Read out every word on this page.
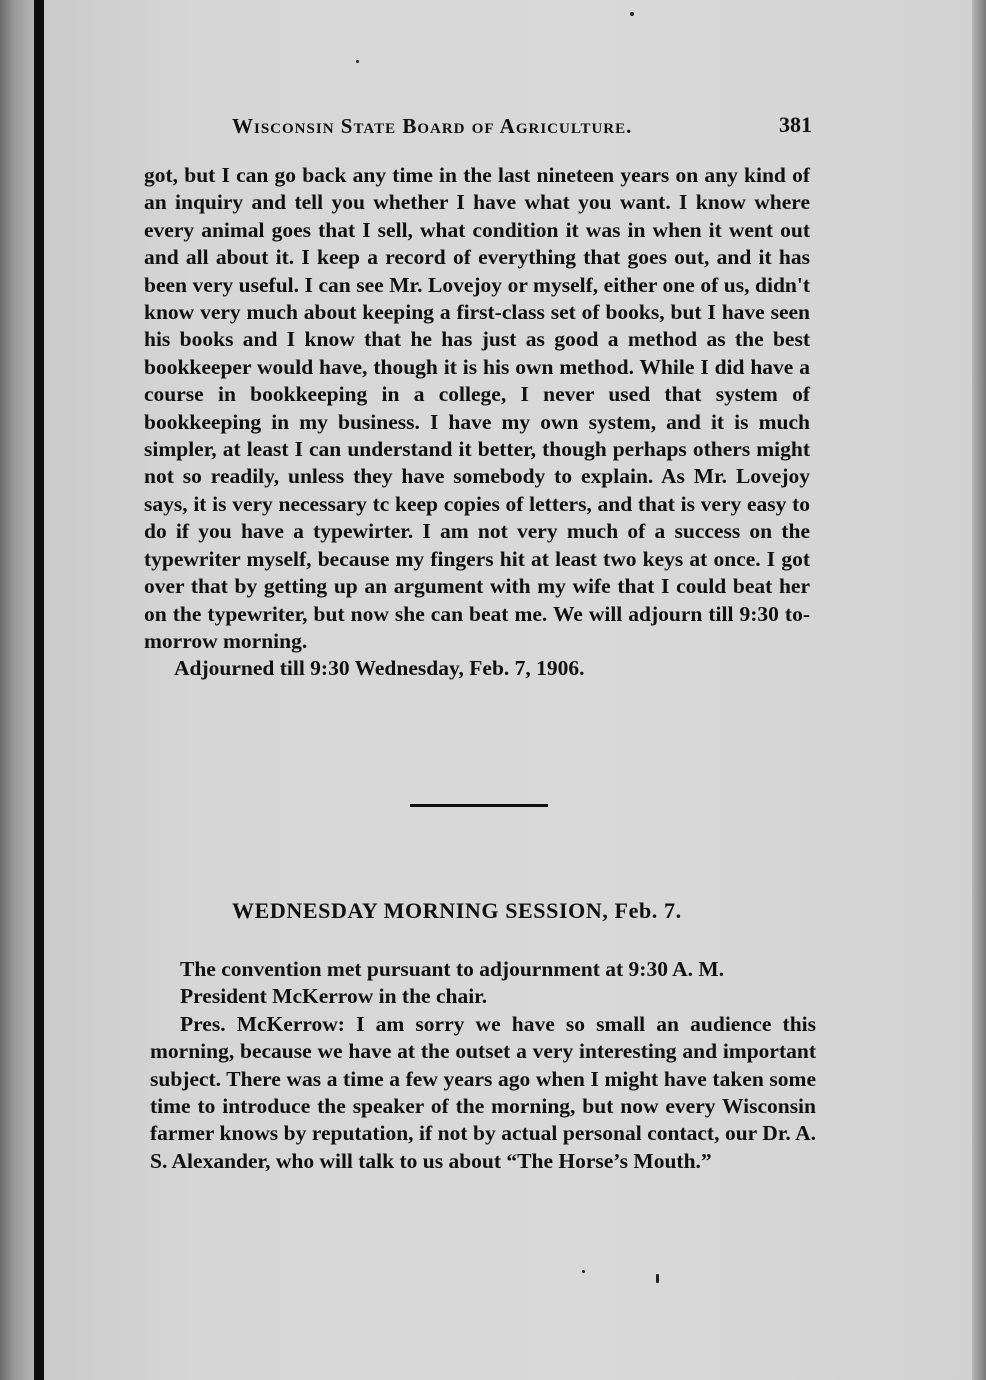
Wisconsin State Board of Agriculture.	381

got, but I can go back any time in the last nineteen years on any kind of an inquiry and tell you whether I have what you want. I know where every animal goes that I sell, what condition it was in when it went out and all about it. I keep a record of everything that goes out, and it has been very useful. I can see Mr. Lovejoy or myself, either one of us, didn't know very much about keeping a first-class set of books, but I have seen his books and I know that he has just as good a method as the best bookkeeper would have, though it is his own method. While I did have a course in bookkeeping in a college, I never used that system of bookkeeping in my business. I have my own system, and it is much simpler, at least I can understand it better, though perhaps others might not so readily, unless they have somebody to explain. As Mr. Lovejoy says, it is very necessary tc keep copies of letters, and that is very easy to do if you have a typewirter. I am not very much of a success on the typewriter myself, because my fingers hit at least two keys at once. I got over that by getting up an argument with my wife that I could beat her on the typewriter, but now she can beat me. We will adjourn till 9:30 to-morrow morning.

Adjourned till 9:30 Wednesday, Feb. 7, 1906.

WEDNESDAY MORNING SESSION, Feb. 7.

The convention met pursuant to adjournment at 9:30 A. M.

President McKerrow in the chair.

Pres. McKerrow: I am sorry we have so small an audience this morning, because we have at the outset a very interesting and important subject. There was a time a few years ago when I might have taken some time to introduce the speaker of the morning, but now every Wisconsin farmer knows by reputation, if not by actual personal contact, our Dr. A. S. Alexander, who will talk to us about “The Horse’s Mouth.”
